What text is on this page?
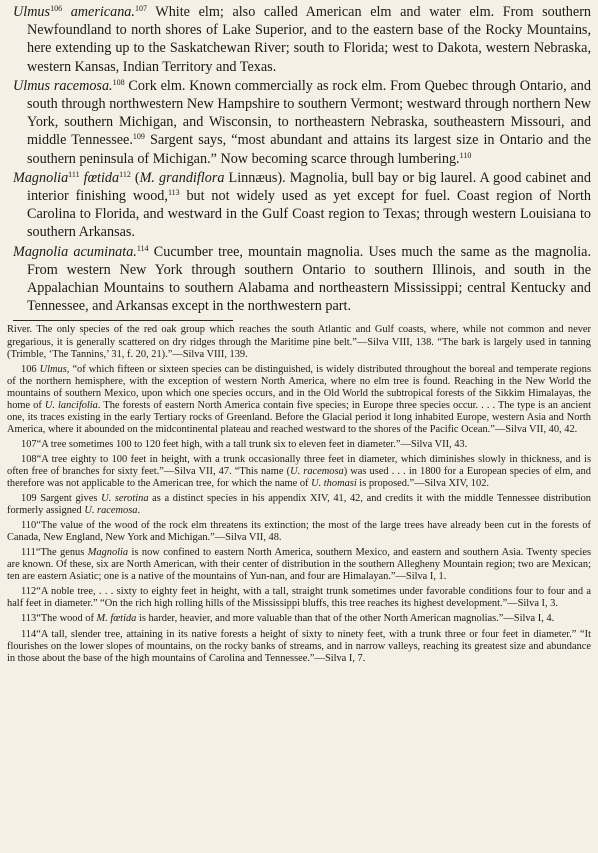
Ulmus$^{106}$ americana.$^{107}$ White elm; also called American elm and water elm. From southern Newfoundland to north shores of Lake Superior, and to the eastern base of the Rocky Mountains, here extending up to the Saskatchewan River; south to Florida; west to Dakota, western Nebraska, western Kansas, Indian Territory and Texas.

Ulmus racemosa.$^{108}$ Cork elm. Known commercially as rock elm. From Quebec through Ontario, and south through northwestern New Hampshire to southern Vermont; westward through northern New York, southern Michigan, and Wisconsin, to northeastern Nebraska, southeastern Missouri, and middle Tennessee.$^{109}$ Sargent says, “most abundant and attains its largest size in Ontario and the southern peninsula of Michigan.” Now becoming scarce through lumbering.$^{110}$

Magnolia$^{111}$ fœtida$^{112}$ (M. grandiflora Linnæus). Magnolia, bull bay or big laurel. A good cabinet and interior finishing wood,$^{113}$ but not widely used as yet except for fuel. Coast region of North Carolina to Florida, and westward in the Gulf Coast region to Texas; through western Louisiana to southern Arkansas.

Magnolia acuminata.$^{114}$ Cucumber tree, mountain magnolia. Uses much the same as the magnolia. From western New York through southern Ontario to southern Illinois, and south in the Appalachian Mountains to southern Alabama and northeastern Mississippi; central Kentucky and Tennessee, and Arkansas except in the northwestern part.

River. The only species of the red oak group which reaches the south Atlantic and Gulf coasts, where, while not common and never gregarious, it is generally scattered on dry ridges through the Maritime pine belt.”—Silva VIII, 138. “The bark is largely used in tanning (Trimble, ‘The Tannins,’ 31, f. 20, 21).”—Silva VIII, 139.

106 Ulmus, “of which fifteen or sixteen species can be distinguished, is widely distributed throughout the boreal and temperate regions of the northern hemisphere, with the exception of western North America, where no elm tree is found. Reaching in the New World the mountains of southern Mexico, upon which one species occurs, and in the Old World the subtropical forests of the Sikkim Himalayas, the home of U. lancifolia. The forests of eastern North America contain five species; in Europe three species occur. . . . The type is an ancient one, its traces existing in the early Tertiary rocks of Greenland. Before the Glacial period it long inhabited Europe, western Asia and North America, where it abounded on the midcontinental plateau and reached westward to the shores of the Pacific Ocean.”—Silva VII, 40, 42.

107“A tree sometimes 100 to 120 feet high, with a tall trunk six to eleven feet in diameter.”—Silva VII, 43.

108“A tree eighty to 100 feet in height, with a trunk occasionally three feet in diameter, which diminishes slowly in thickness, and is often free of branches for sixty feet.”—Silva VII, 47. “This name (U. racemosa) was used . . . in 1800 for a European species of elm, and therefore was not applicable to the American tree, for which the name of U. thomasi is proposed.”—Silva XIV, 102.

109 Sargent gives U. serotina as a distinct species in his appendix XIV, 41, 42, and credits it with the middle Tennessee distribution formerly assigned U. racemosa.

110“The value of the wood of the rock elm threatens its extinction; the most of the large trees have already been cut in the forests of Canada, New England, New York and Michigan.”—Silva VII, 48.

111“The genus Magnolia is now confined to eastern North America, southern Mexico, and eastern and southern Asia. Twenty species are known. Of these, six are North American, with their center of distribution in the southern Allegheny Mountain region; two are Mexican; ten are eastern Asiatic; one is a native of the mountains of Yun-nan, and four are Himalayan.”—Silva I, 1.

112“A noble tree, . . . sixty to eighty feet in height, with a tall, straight trunk sometimes under favorable conditions four to four and a half feet in diameter.” “On the rich high rolling hills of the Mississippi bluffs, this tree reaches its highest development.”—Silva I, 3.

113“The wood of M. fœtida is harder, heavier, and more valuable than that of the other North American magnolias.”—Silva I, 4.

114“A tall, slender tree, attaining in its native forests a height of sixty to ninety feet, with a trunk three or four feet in diameter.” “It flourishes on the lower slopes of mountains, on the rocky banks of streams, and in narrow valleys, reaching its greatest size and abundance in those about the base of the high mountains of Carolina and Tennessee.”—Silva I, 7.
